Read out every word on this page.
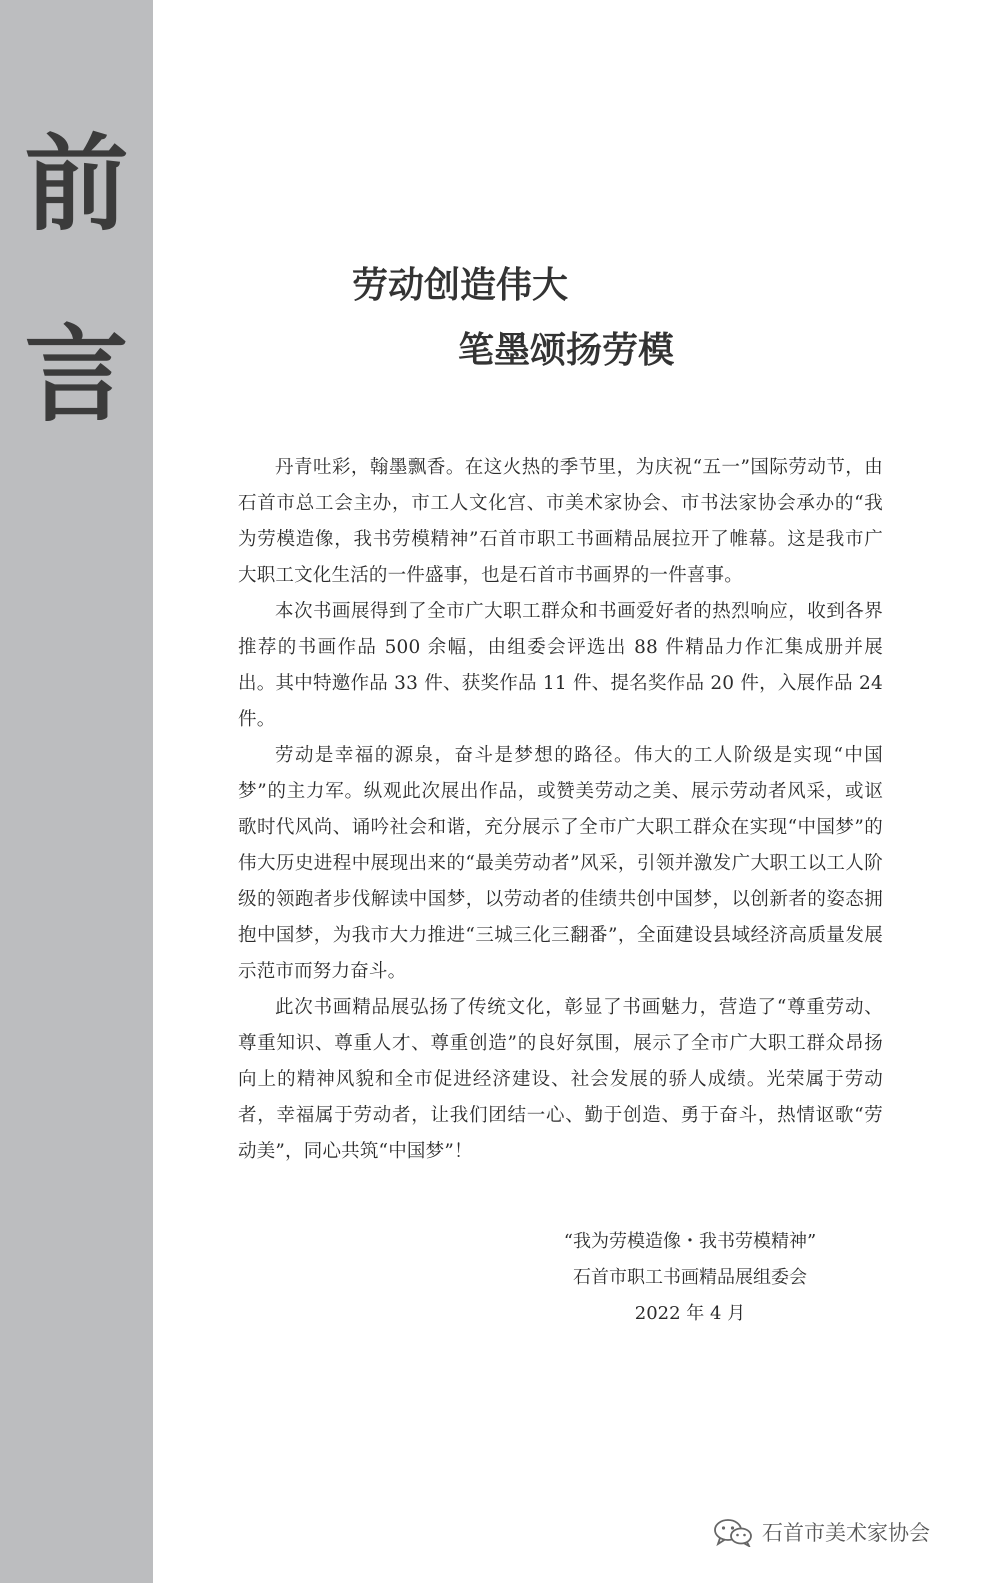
前
言
劳动创造伟大
笔墨颂扬劳模

丹青吐彩，翰墨飘香。在这火热的季节里，为庆祝“五一”国际劳动节，由石首市总工会主办，市工人文化宫、市美术家协会、市书法家协会承办的“我为劳模造像，我书劳模精神”石首市职工书画精品展拉开了帷幕。这是我市广大职工文化生活的一件盛事，也是石首市书画界的一件喜事。

本次书画展得到了全市广大职工群众和书画爱好者的热烈响应，收到各界推荐的书画作品 500 余幅，由组委会评选出 88 件精品力作汇集成册并展出。其中特邀作品 33 件、获奖作品 11 件、提名奖作品 20 件，入展作品 24 件。

劳动是幸福的源泉，奋斗是梦想的路径。伟大的工人阶级是实现“中国梦”的主力军。纵观此次展出作品，或赞美劳动之美、展示劳动者风采，或讴歌时代风尚、诵吟社会和谐，充分展示了全市广大职工群众在实现“中国梦”的伟大历史进程中展现出来的“最美劳动者”风采，引领并激发广大职工以工人阶级的领跑者步伐解读中国梦，以劳动者的佳绩共创中国梦，以创新者的姿态拥抱中国梦，为我市大力推进“三城三化三翻番”，全面建设县域经济高质量发展示范市而努力奋斗。

此次书画精品展弘扬了传统文化，彰显了书画魅力，营造了“尊重劳动、尊重知识、尊重人才、尊重创造”的良好氛围，展示了全市广大职工群众昂扬向上的精神风貌和全市促进经济建设、社会发展的骄人成绩。光荣属于劳动者，幸福属于劳动者，让我们团结一心、勤于创造、勇于奋斗，热情讴歌“劳动美”，同心共筑“中国梦”！

“我为劳模造像・我书劳模精神”
石首市职工书画精品展组委会
2022 年 4 月
石首市美术家协会
